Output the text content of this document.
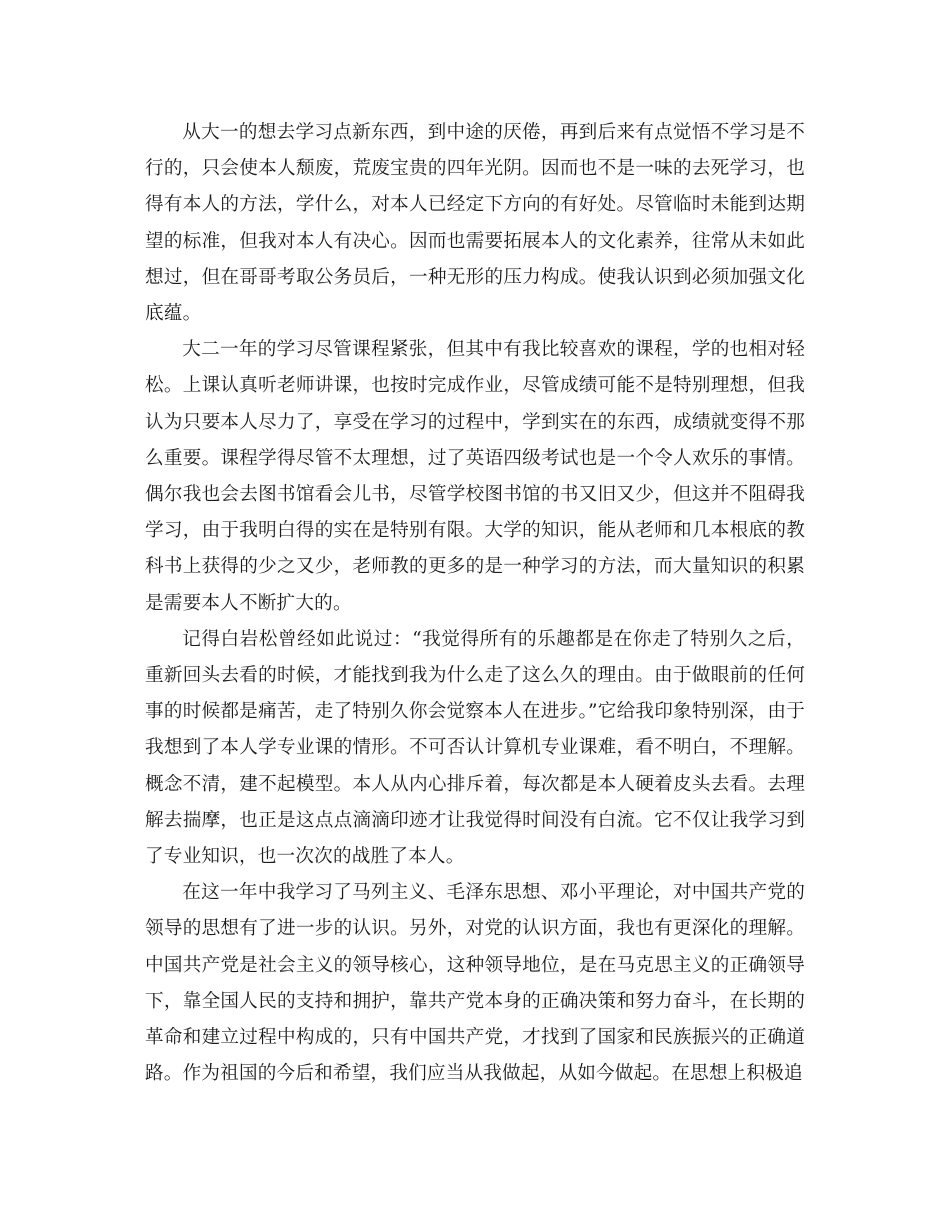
从大一的想去学习点新东西，到中途的厌倦，再到后来有点觉悟不学习是不行的，只会使本人颓废，荒废宝贵的四年光阴。因而也不是一味的去死学习，也得有本人的方法，学什么，对本人已经定下方向的有好处。尽管临时未能到达期望的标准，但我对本人有决心。因而也需要拓展本人的文化素养，往常从未如此想过，但在哥哥考取公务员后，一种无形的压力构成。使我认识到必须加强文化底蕴。

大二一年的学习尽管课程紧张，但其中有我比较喜欢的课程，学的也相对轻松。上课认真听老师讲课，也按时完成作业，尽管成绩可能不是特别理想，但我认为只要本人尽力了，享受在学习的过程中，学到实在的东西，成绩就变得不那么重要。课程学得尽管不太理想，过了英语四级考试也是一个令人欢乐的事情。偶尔我也会去图书馆看会儿书，尽管学校图书馆的书又旧又少，但这并不阻碍我学习，由于我明白得的实在是特别有限。大学的知识，能从老师和几本根底的教科书上获得的少之又少，老师教的更多的是一种学习的方法，而大量知识的积累是需要本人不断扩大的。

记得白岩松曾经如此说过：“我觉得所有的乐趣都是在你走了特别久之后，重新回头去看的时候，才能找到我为什么走了这么久的理由。由于做眼前的任何事的时候都是痛苦，走了特别久你会觉察本人在进步。”它给我印象特别深，由于我想到了本人学专业课的情形。不可否认计算机专业课难，看不明白，不理解。概念不清，建不起模型。本人从内心排斥着，每次都是本人硬着皮头去看。去理解去揣摩，也正是这点点滴滴印迹才让我觉得时间没有白流。它不仅让我学习到了专业知识，也一次次的战胜了本人。

在这一年中我学习了马列主义、毛泽东思想、邓小平理论，对中国共产党的领导的思想有了进一步的认识。另外，对党的认识方面，我也有更深化的理解。中国共产党是社会主义的领导核心，这种领导地位，是在马克思主义的正确领导下，靠全国人民的支持和拥护，靠共产党本身的正确决策和努力奋斗，在长期的革命和建立过程中构成的，只有中国共产党，才找到了国家和民族振兴的正确道路。作为祖国的今后和希望，我们应当从我做起，从如今做起。在思想上积极追
